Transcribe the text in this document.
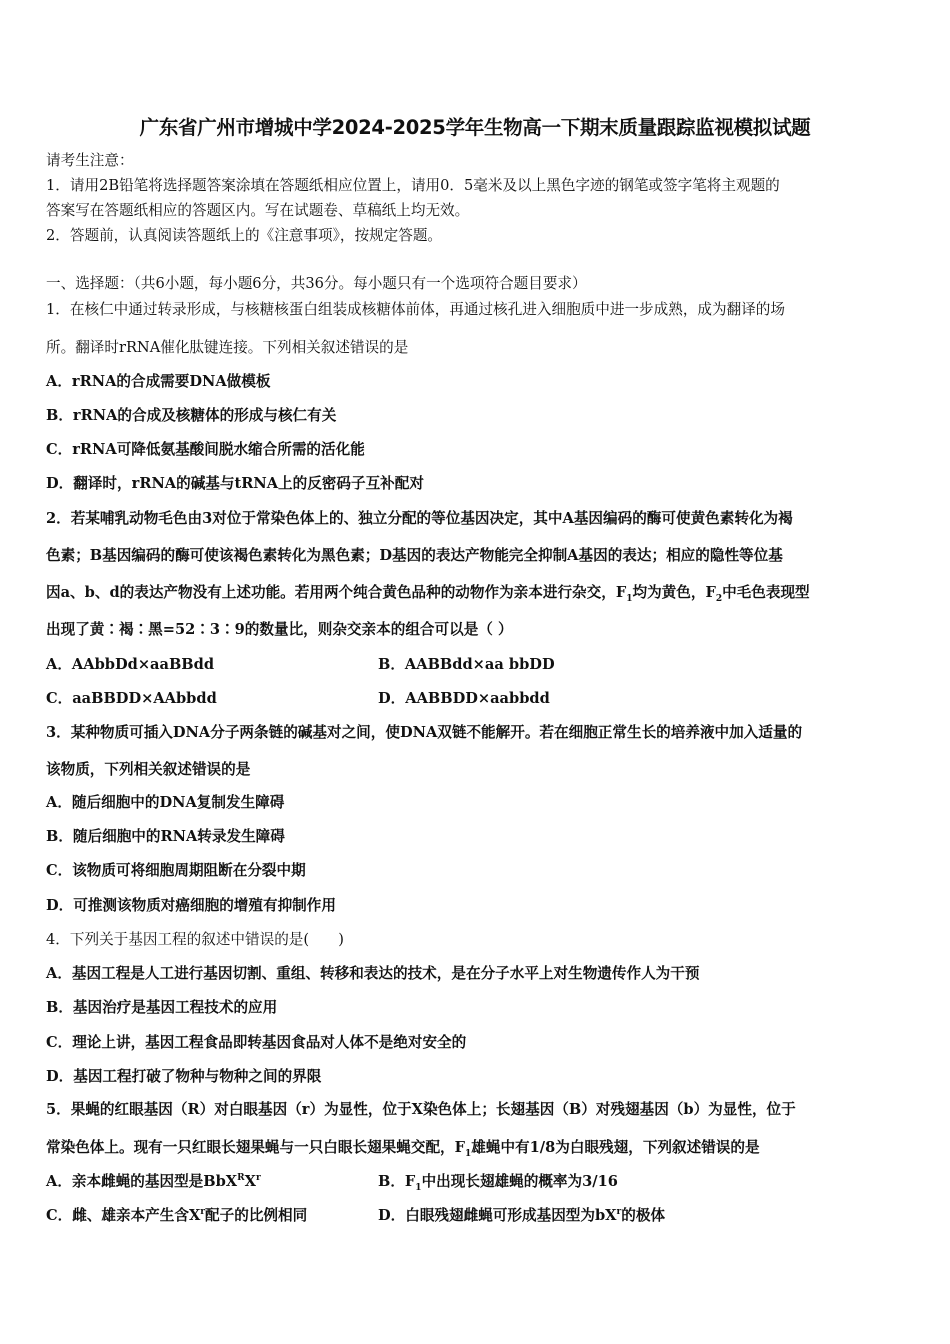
广东省广州市增城中学2024-2025学年生物高一下期末质量跟踪监视模拟试题
请考生注意：
1．请用2B铅笔将选择题答案涂填在答题纸相应位置上，请用0．5毫米及以上黑色字迹的钢笔或签字笔将主观题的
答案写在答题纸相应的答题区内。写在试题卷、草稿纸上均无效。
2．答题前，认真阅读答题纸上的《注意事项》，按规定答题。
一、选择题：（共6小题，每小题6分，共36分。每小题只有一个选项符合题目要求）
1．在核仁中通过转录形成，与核糖核蛋白组装成核糖体前体，再通过核孔进入细胞质中进一步成熟，成为翻译的场
所。翻译时rRNA催化肽键连接。下列相关叙述错误的是
A．rRNA的合成需要DNA做模板
B．rRNA的合成及核糖体的形成与核仁有关
C．rRNA可降低氨基酸间脱水缩合所需的活化能
D．翻译时，rRNA的碱基与tRNA上的反密码子互补配对
2．若某哺乳动物毛色由3对位于常染色体上的、独立分配的等位基因决定，其中A基因编码的酶可使黄色素转化为褐
色素；B基因编码的酶可使该褐色素转化为黑色素；D基因的表达产物能完全抑制A基因的表达；相应的隐性等位基
因a、b、d的表达产物没有上述功能。若用两个纯合黄色品种的动物作为亲本进行杂交，$F_1$均为黄色，$F_2$中毛色表现型
出现了黄∶褐∶黑=52∶3∶9的数量比，则杂交亲本的组合可以是（ ）
A．AAbbDd×aaBBdd	B．AABBdd×aa bbDD
C．aaBBDD×AAbbdd	D．AABBDD×aabbdd
3．某种物质可插入DNA分子两条链的碱基对之间，使DNA双链不能解开。若在细胞正常生长的培养液中加入适量的
该物质，下列相关叙述错误的是
A．随后细胞中的DNA复制发生障碍
B．随后细胞中的RNA转录发生障碍
C．该物质可将细胞周期阻断在分裂中期
D．可推测该物质对癌细胞的增殖有抑制作用
4．下列关于基因工程的叙述中错误的是(　　)
A．基因工程是人工进行基因切割、重组、转移和表达的技术，是在分子水平上对生物遗传作人为干预
B．基因治疗是基因工程技术的应用
C．理论上讲，基因工程食品即转基因食品对人体不是绝对安全的
D．基因工程打破了物种与物种之间的界限
5．果蝇的红眼基因（R）对白眼基因（r）为显性，位于X染色体上；长翅基因（B）对残翅基因（b）为显性，位于
常染色体上。现有一只红眼长翅果蝇与一只白眼长翅果蝇交配，$F_1$雄蝇中有1/8为白眼残翅，下列叙述错误的是
A．亲本雌蝇的基因型是$BbX^RX^r$	B．$F_1$中出现长翅雄蝇的概率为3/16
C．雌、雄亲本产生含$X^r$配子的比例相同	D．白眼残翅雌蝇可形成基因型为$bX^r$的极体
